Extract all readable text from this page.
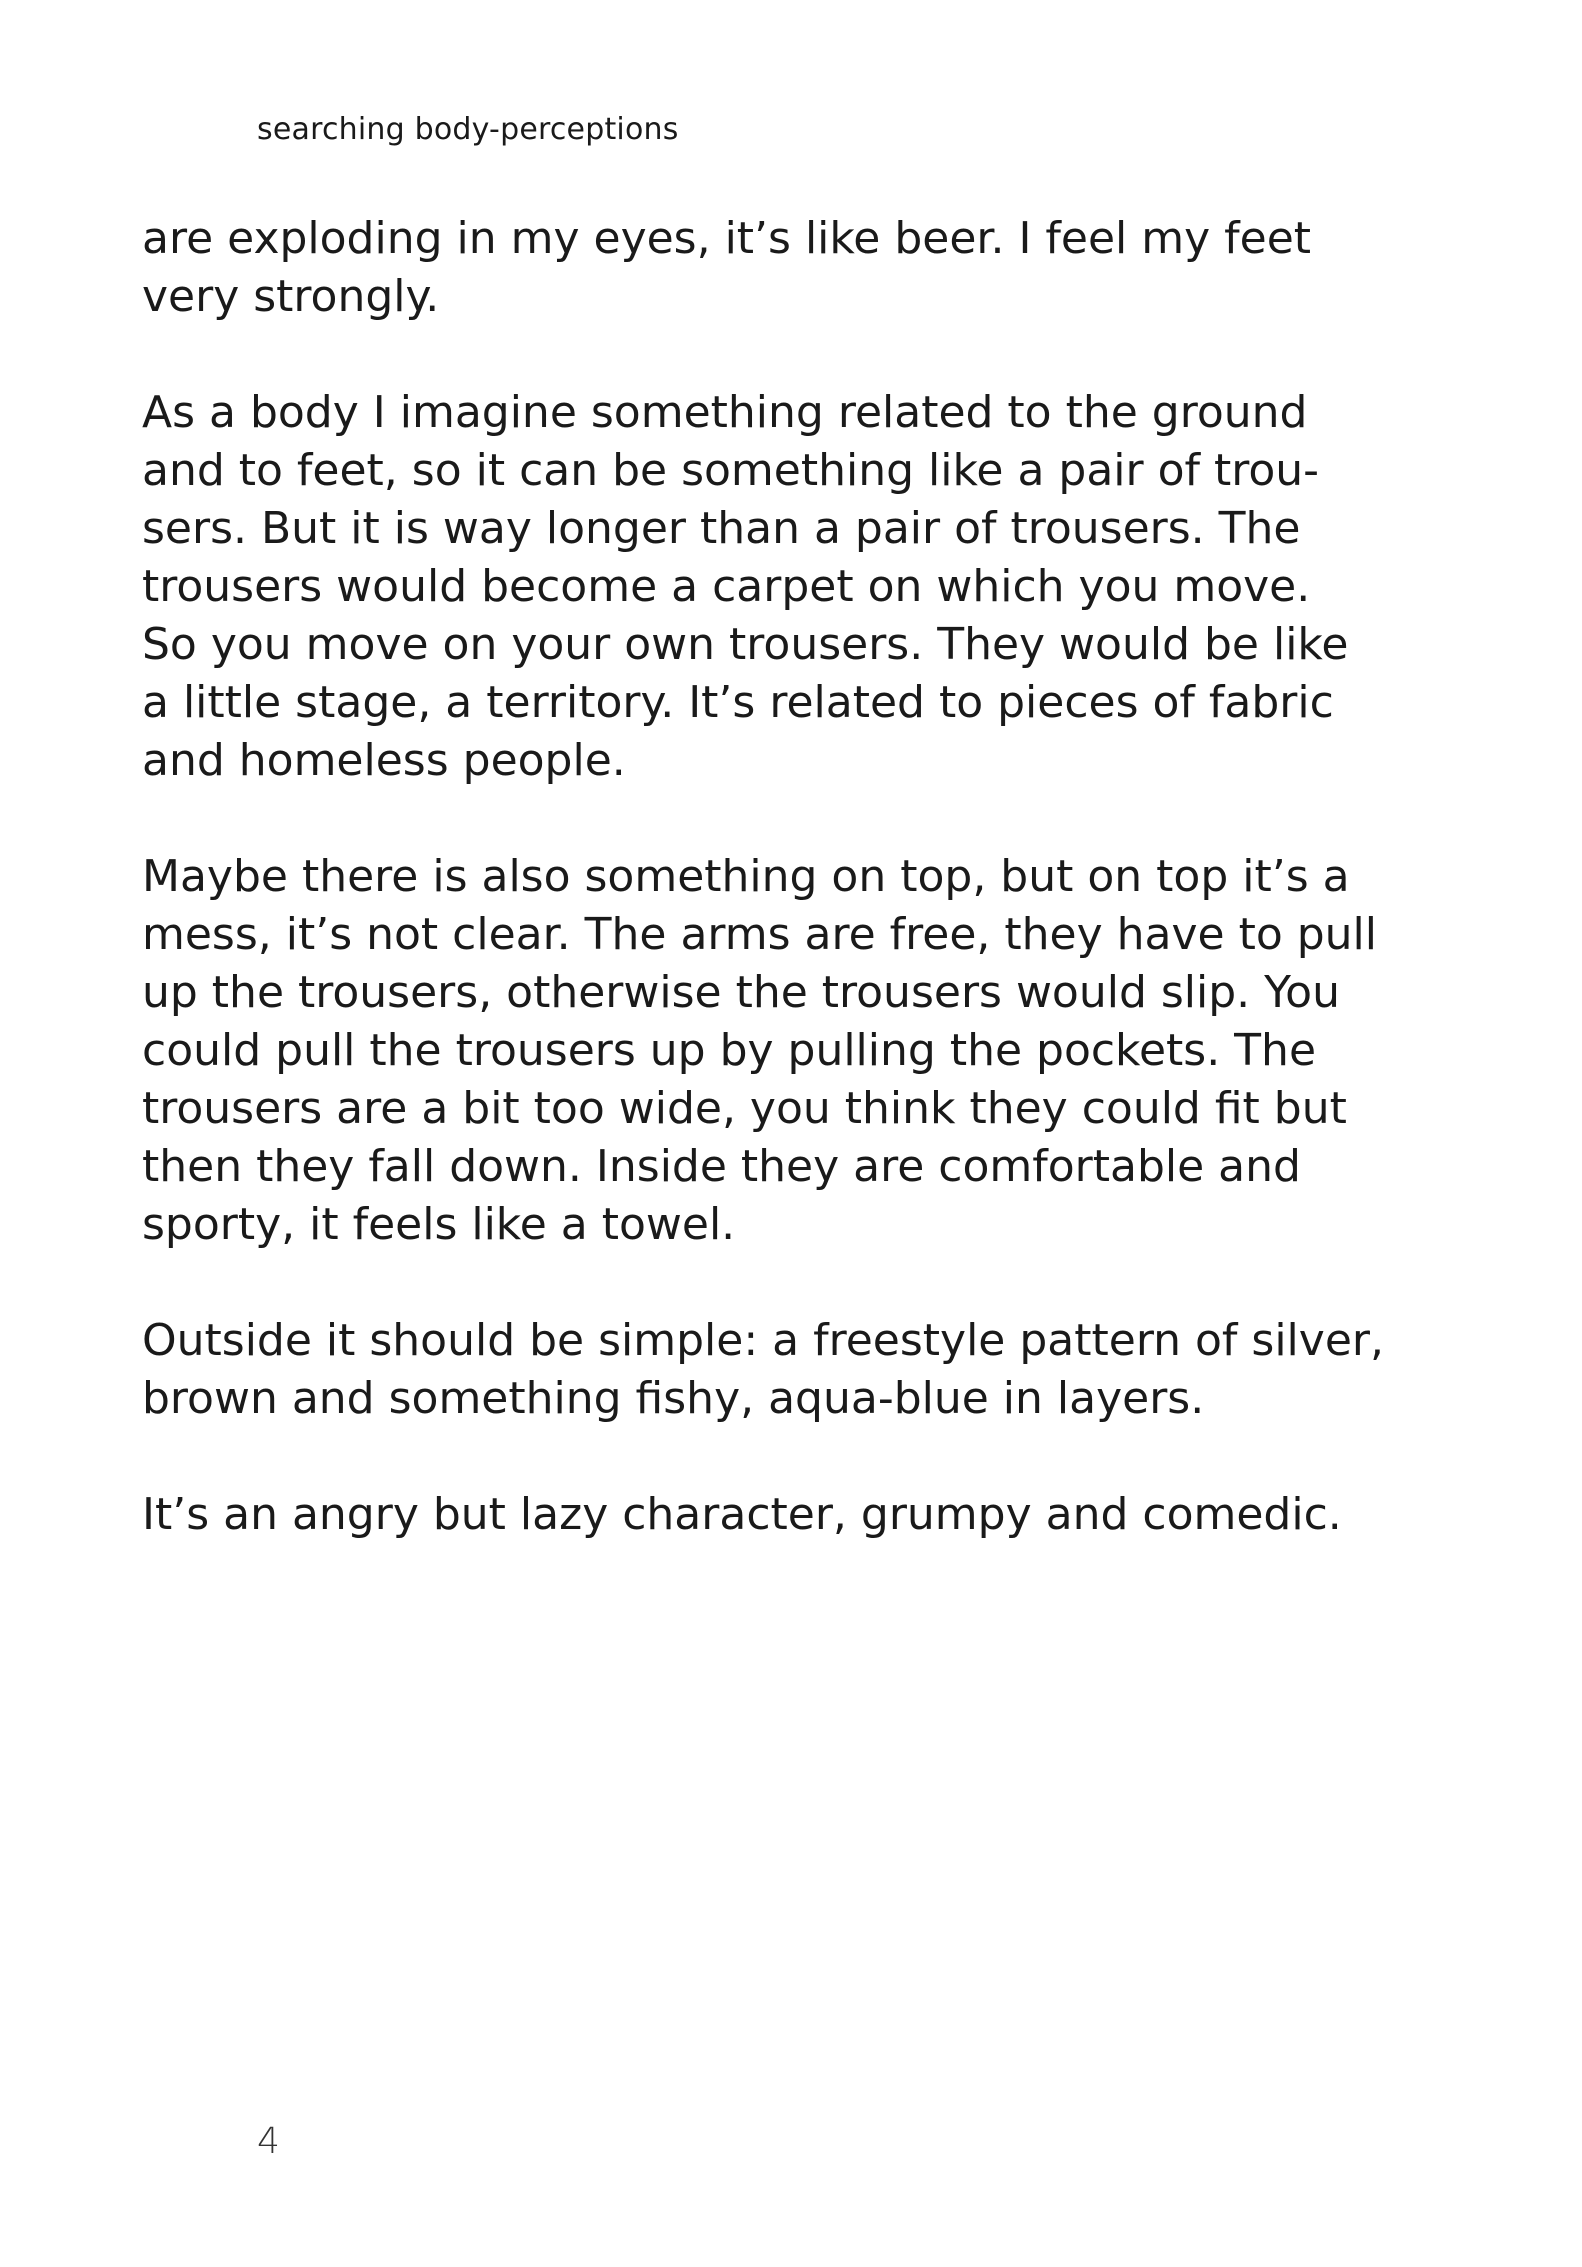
searching body-perceptions

are exploding in my eyes, it’s like beer. I feel my feet

very strongly.

As a body I imagine something related to the ground

and to feet, so it can be something like a pair of trou-

sers. But it is way longer than a pair of trousers. The

trousers would become a carpet on which you move.

So you move on your own trousers. They would be like

a little stage, a territory. It’s related to pieces of fabric

and homeless people.

Maybe there is also something on top, but on top it’s a

mess, it’s not clear. The arms are free, they have to pull

up the trousers, otherwise the trousers would slip. You

could pull the trousers up by pulling the pockets. The

trousers are a bit too wide, you think they could fit but

then they fall down. Inside they are comfortable and

sporty, it feels like a towel.

Outside it should be simple: a freestyle pattern of silver,

brown and something fishy, aqua-blue in layers.

It’s an angry but lazy character, grumpy and comedic.

4
